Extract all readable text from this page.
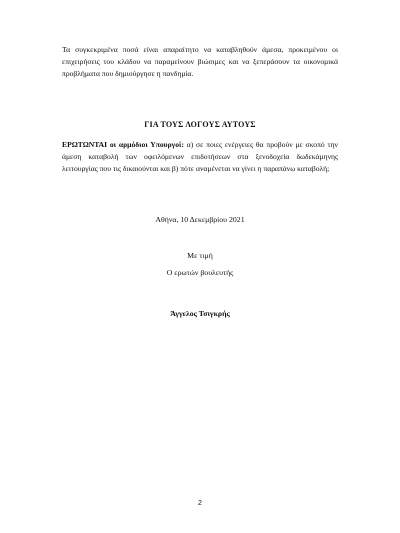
Τα συγκεκριμένα ποσά είναι απαραίτητο να καταβληθούν άμεσα, προκειμένου οι επιχειρήσεις του κλάδου να παραμείνουν βιώσιμες και να ξεπεράσουν τα οικονομικά προβλήματα που δημιούργησε η πανδημία.

ΓΙΑ ΤΟΥΣ ΛΟΓΟΥΣ ΑΥΤΟΥΣ

ΕΡΩΤΩΝΤΑΙ οι αρμόδιοι Υπουργοί: α) σε ποιες ενέργειες θα προβούν με σκοπό την άμεση καταβολή των οφειλόμενων επιδοτήσεων στα ξενοδοχεία δωδεκάμηνης λειτουργίας που τις δικαιούνται και β) πότε αναμένεται να γίνει η παραπάνω καταβολή;

Αθήνα, 10 Δεκεμβρίου 2021

Με τιμή

Ο ερωτών βουλευτής

Άγγελος Τσιγκρής

2
